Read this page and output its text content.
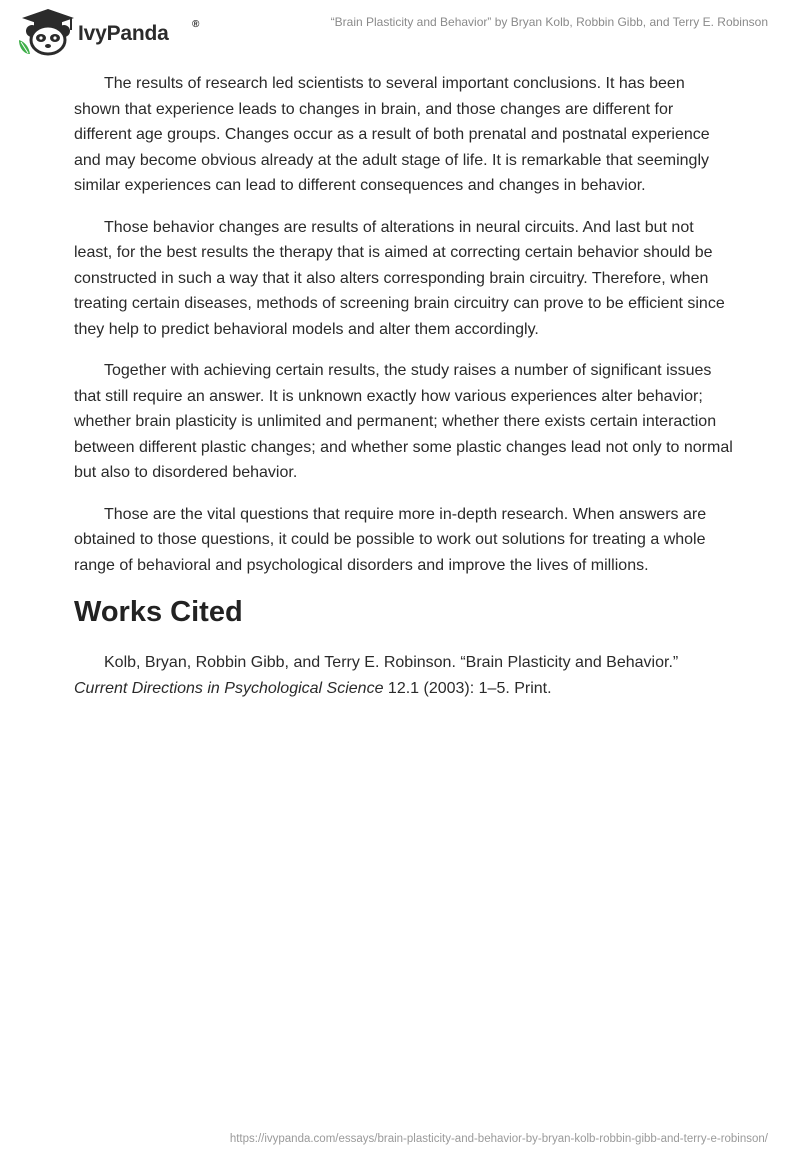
IvyPanda ®	“Brain Plasticity and Behavior” by Bryan Kolb, Robbin Gibb, and Terry E. Robinson

The results of research led scientists to several important conclusions. It has been shown that experience leads to changes in brain, and those changes are different for different age groups. Changes occur as a result of both prenatal and postnatal experience and may become obvious already at the adult stage of life. It is remarkable that seemingly similar experiences can lead to different consequences and changes in behavior.

Those behavior changes are results of alterations in neural circuits. And last but not least, for the best results the therapy that is aimed at correcting certain behavior should be constructed in such a way that it also alters corresponding brain circuitry. Therefore, when treating certain diseases, methods of screening brain circuitry can prove to be efficient since they help to predict behavioral models and alter them accordingly.

Together with achieving certain results, the study raises a number of significant issues that still require an answer. It is unknown exactly how various experiences alter behavior; whether brain plasticity is unlimited and permanent; whether there exists certain interaction between different plastic changes; and whether some plastic changes lead not only to normal but also to disordered behavior.

Those are the vital questions that require more in-depth research. When answers are obtained to those questions, it could be possible to work out solutions for treating a whole range of behavioral and psychological disorders and improve the lives of millions.

Works Cited

Kolb, Bryan, Robbin Gibb, and Terry E. Robinson. “Brain Plasticity and Behavior.” Current Directions in Psychological Science 12.1 (2003): 1–5. Print.

https://ivypanda.com/essays/brain-plasticity-and-behavior-by-bryan-kolb-robbin-gibb-and-terry-e-robinson/
